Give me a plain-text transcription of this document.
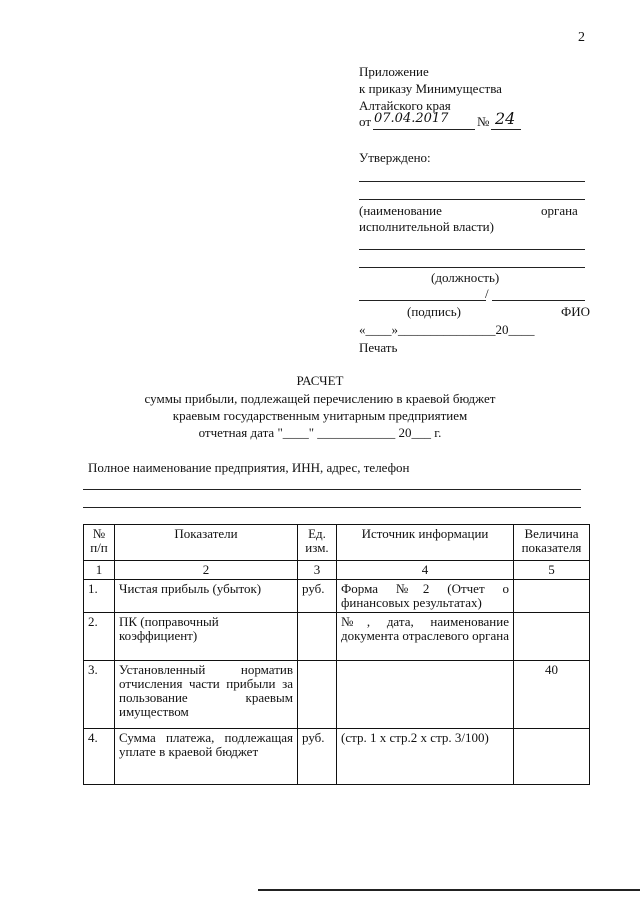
2
Приложение
к приказу Минимущества
Алтайского края
от 07.04.2017 № 24
Утверждено:
(наименование	органа
исполнительной власти)
(должность)
/
(подпись)	ФИО
«____»_______________20____
Печать
РАСЧЕТ
суммы прибыли, подлежащей перечислению в краевой бюджет
краевым государственным унитарным предприятием
отчетная дата "____" ____________ 20___ г.
Полное наименование предприятия, ИНН, адрес, телефон
№ п/п	Показатели	Ед. изм.	Источник информации	Величина показателя
1	2	3	4	5
1.	Чистая прибыль (убыток)	руб.	Форма №2 (Отчет о финансовых результатах)	
2.	ПК (поправочный коэффициент)		№, дата, наименование документа отраслевого органа	
3.	Установленный норматив отчисления части прибыли за пользование краевым имуществом			40
4.	Сумма платежа, подлежащая уплате в краевой бюджет	руб.	(стр. 1 х стр.2 х стр. 3/100)	
